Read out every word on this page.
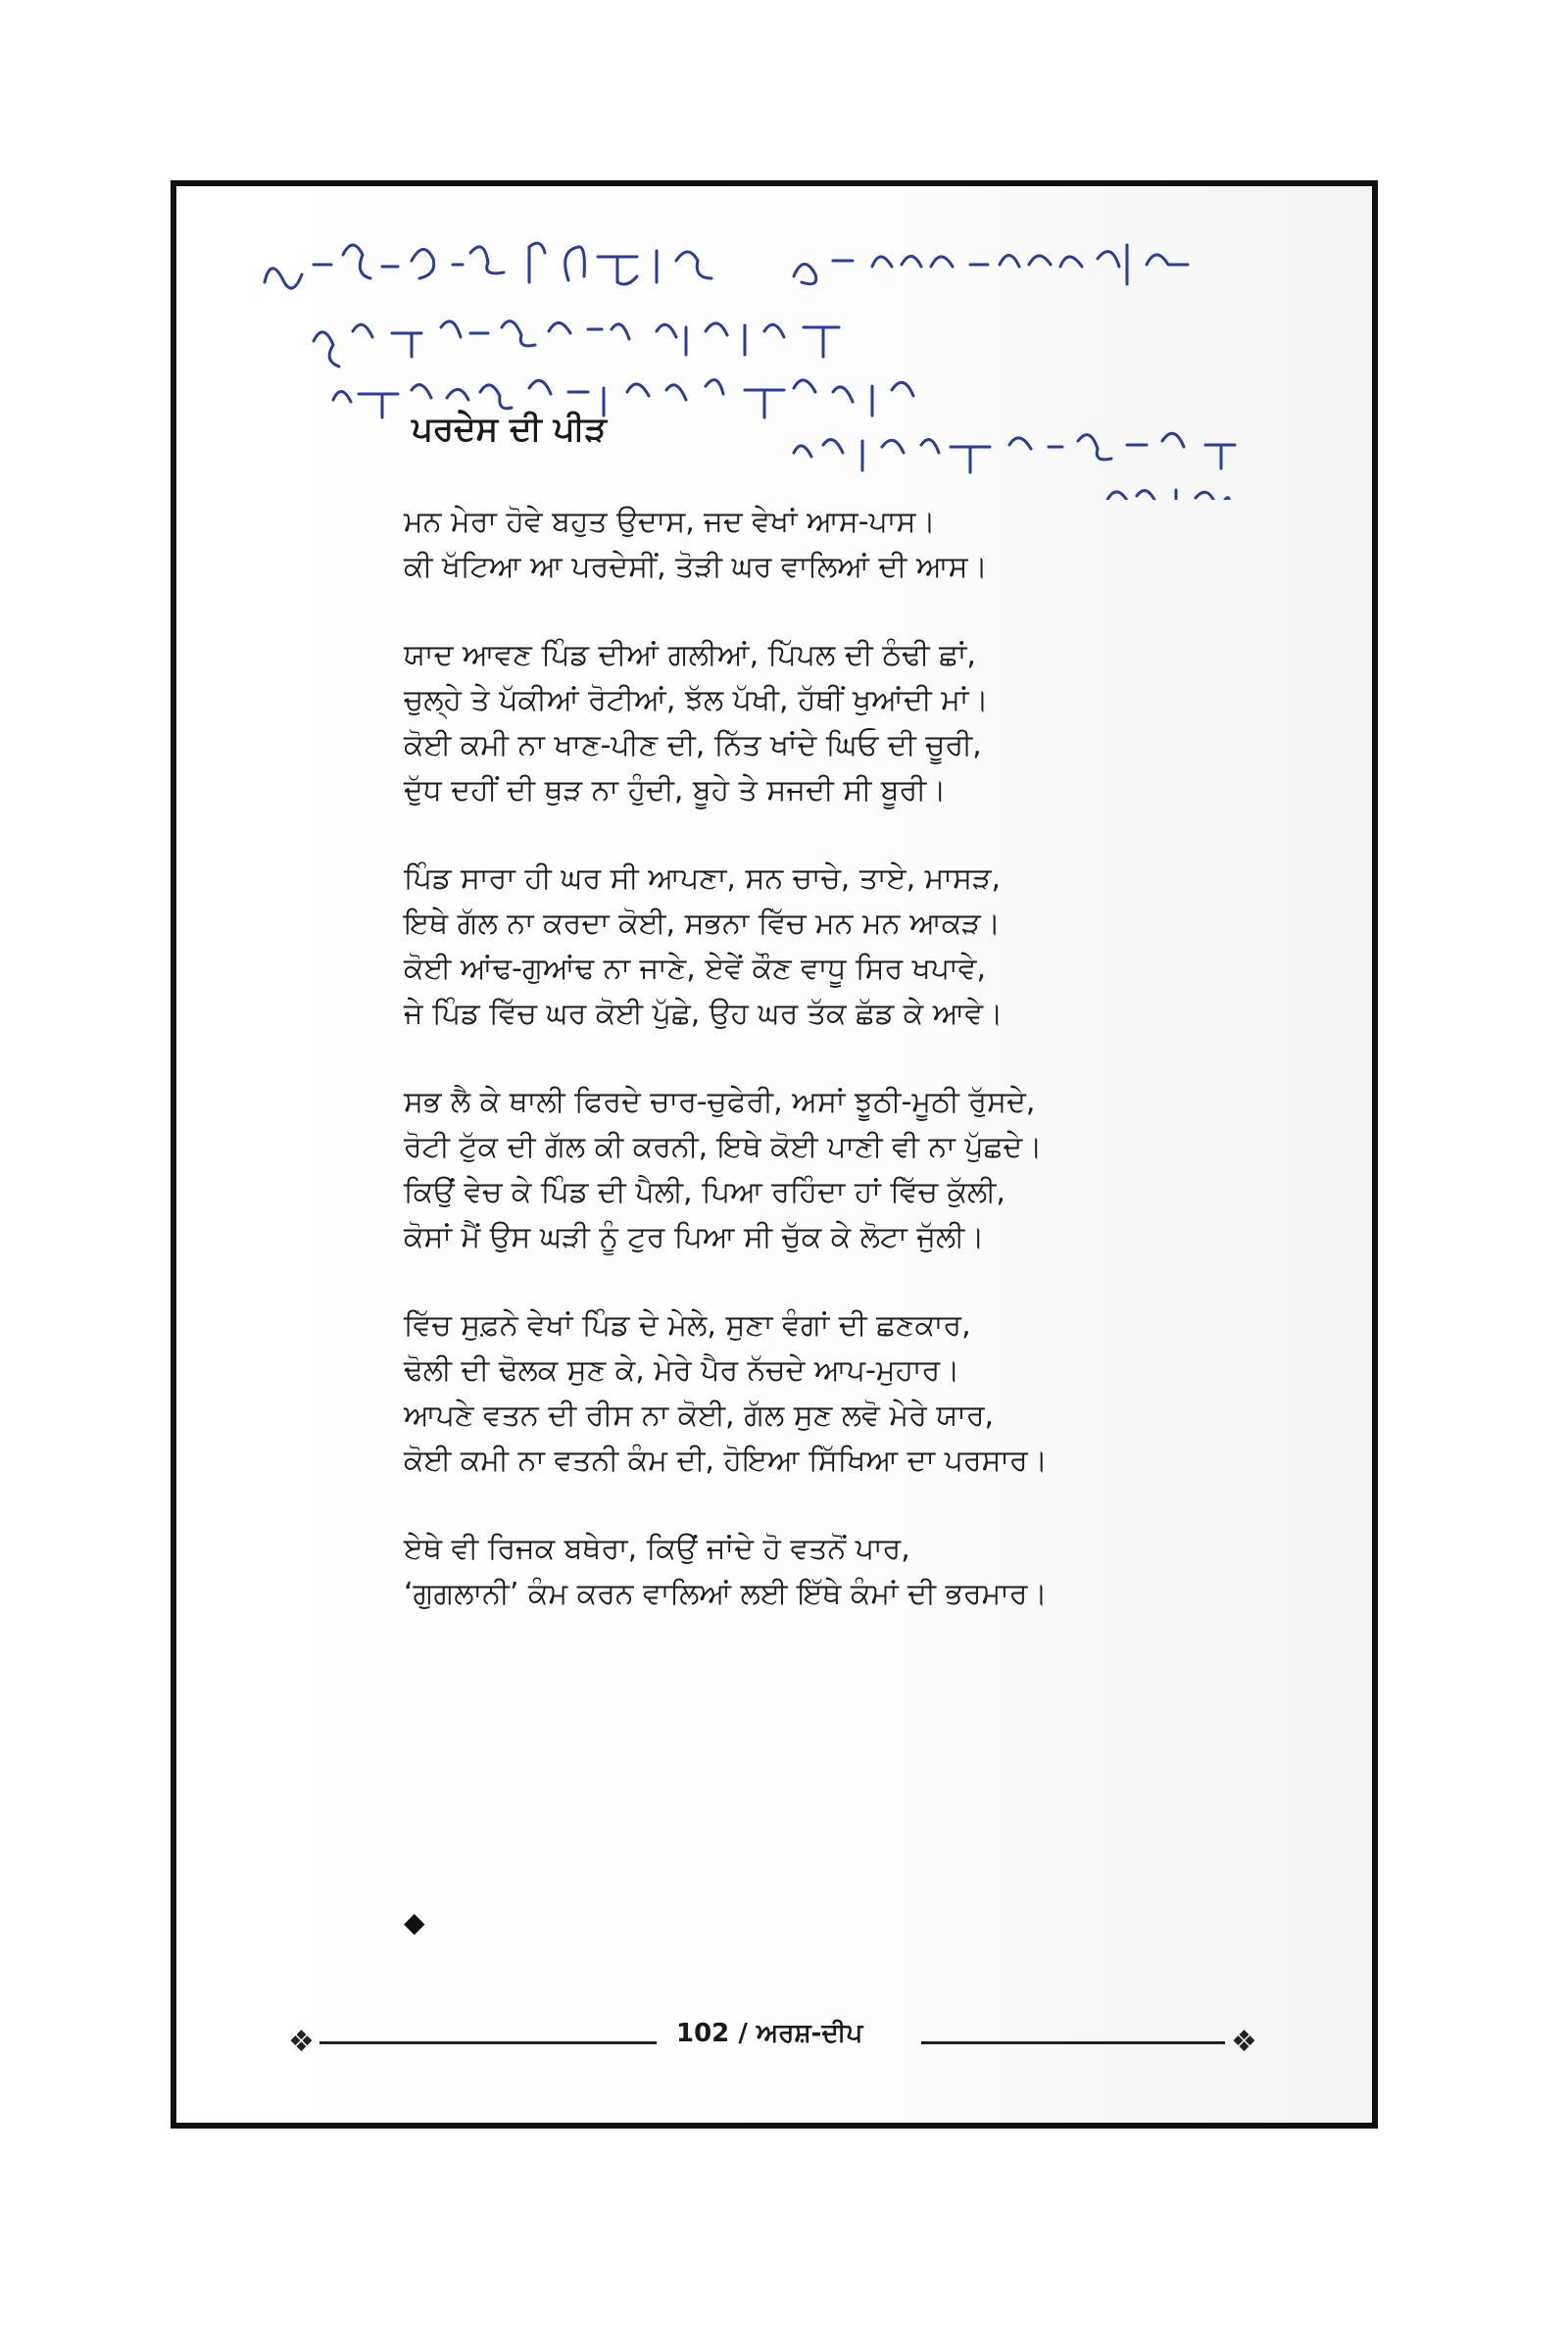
ਪਰਦੇਸ ਦੀ ਪੀੜ
ਮਨ ਮੇਰਾ ਹੋਵੇ ਬਹੁਤ ਉਦਾਸ, ਜਦ ਵੇਖਾਂ ਆਸ-ਪਾਸ।
ਕੀ ਖੱਟਿਆ ਆ ਪਰਦੇਸੀਂ, ਤੋੜੀ ਘਰ ਵਾਲਿਆਂ ਦੀ ਆਸ।
ਯਾਦ ਆਵਣ ਪਿੰਡ ਦੀਆਂ ਗਲੀਆਂ, ਪਿੱਪਲ ਦੀ ਠੰਢੀ ਛਾਂ,
ਚੁਲ੍ਹੇ ਤੇ ਪੱਕੀਆਂ ਰੋਟੀਆਂ, ਝੱਲ ਪੱਖੀ, ਹੱਥੀਂ ਖੁਆਂਦੀ ਮਾਂ।
ਕੋਈ ਕਮੀ ਨਾ ਖਾਣ-ਪੀਣ ਦੀ, ਨਿੱਤ ਖਾਂਦੇ ਘਿਓ ਦੀ ਚੂਰੀ,
ਦੁੱਧ ਦਹੀਂ ਦੀ ਥੁੜ ਨਾ ਹੁੰਦੀ, ਬੂਹੇ ਤੇ ਸਜਦੀ ਸੀ ਬੂਰੀ।
ਪਿੰਡ ਸਾਰਾ ਹੀ ਘਰ ਸੀ ਆਪਣਾ, ਸਨ ਚਾਚੇ, ਤਾਏ, ਮਾਸੜ,
ਇਥੇ ਗੱਲ ਨਾ ਕਰਦਾ ਕੋਈ, ਸਭਨਾ ਵਿੱਚ ਮਨ ਮਨ ਆਕੜ।
ਕੋਈ ਆਂਢ-ਗੁਆਂਢ ਨਾ ਜਾਣੇ, ਏਵੇਂ ਕੌਣ ਵਾਧੂ ਸਿਰ ਖਪਾਵੇ,
ਜੇ ਪਿੰਡ ਵਿੱਚ ਘਰ ਕੋਈ ਪੁੱਛੇ, ਉਹ ਘਰ ਤੱਕ ਛੱਡ ਕੇ ਆਵੇ।
ਸਭ ਲੈ ਕੇ ਥਾਲੀ ਫਿਰਦੇ ਚਾਰ-ਚੁਫੇਰੀ, ਅਸਾਂ ਝੂਠੀ-ਮੂਠੀ ਰੁੱਸਦੇ,
ਰੋਟੀ ਟੁੱਕ ਦੀ ਗੱਲ ਕੀ ਕਰਨੀ, ਇਥੇ ਕੋਈ ਪਾਣੀ ਵੀ ਨਾ ਪੁੱਛਦੇ।
ਕਿਉਂ ਵੇਚ ਕੇ ਪਿੰਡ ਦੀ ਪੈਲੀ, ਪਿਆ ਰਹਿੰਦਾ ਹਾਂ ਵਿੱਚ ਕੁੱਲੀ,
ਕੋਸਾਂ ਮੈਂ ਉਸ ਘੜੀ ਨੂੰ ਟੁਰ ਪਿਆ ਸੀ ਚੁੱਕ ਕੇ ਲੋਟਾ ਜੁੱਲੀ।
ਵਿੱਚ ਸੁਫ਼ਨੇ ਵੇਖਾਂ ਪਿੰਡ ਦੇ ਮੇਲੇ, ਸੁਣਾ ਵੰਗਾਂ ਦੀ ਛਣਕਾਰ,
ਢੋਲੀ ਦੀ ਢੋਲਕ ਸੁਣ ਕੇ, ਮੇਰੇ ਪੈਰ ਨੱਚਦੇ ਆਪ-ਮੁਹਾਰ।
ਆਪਣੇ ਵਤਨ ਦੀ ਰੀਸ ਨਾ ਕੋਈ, ਗੱਲ ਸੁਣ ਲਵੋ ਮੇਰੇ ਯਾਰ,
ਕੋਈ ਕਮੀ ਨਾ ਵਤਨੀ ਕੰਮ ਦੀ, ਹੋਇਆ ਸਿੱਖਿਆ ਦਾ ਪਰਸਾਰ।
ਏਥੇ ਵੀ ਰਿਜਕ ਬਥੇਰਾ, ਕਿਉਂ ਜਾਂਦੇ ਹੋ ਵਤਨੋਂ ਪਾਰ,
‘ਗੁਗਲਾਨੀ’ ਕੰਮ ਕਰਨ ਵਾਲਿਆਂ ਲਈ ਇੱਥੇ ਕੰਮਾਂ ਦੀ ਭਰਮਾਰ।
◆
❖	102 / ਅਰਸ਼-ਦੀਪ	❖
